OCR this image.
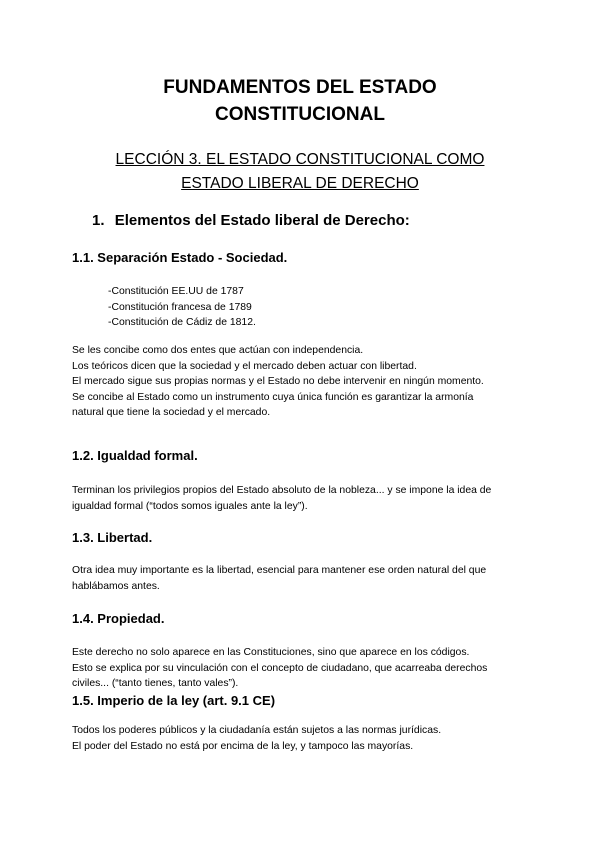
FUNDAMENTOS DEL ESTADO
CONSTITUCIONAL
LECCIÓN 3. EL ESTADO CONSTITUCIONAL COMO
ESTADO LIBERAL DE DERECHO
1. Elementos del Estado liberal de Derecho:
1.1. Separación Estado - Sociedad.
-Constitución EE.UU de 1787
-Constitución francesa de 1789
-Constitución de Cádiz de 1812.
Se les concibe como dos entes que actúan con independencia.
Los teóricos dicen que la sociedad y el mercado deben actuar con libertad.
El mercado sigue sus propias normas y el Estado no debe intervenir en ningún momento.
Se concibe al Estado como un instrumento cuya única función es garantizar la armonía
natural que tiene la sociedad y el mercado.
1.2. Igualdad formal.
Terminan los privilegios propios del Estado absoluto de la nobleza... y se impone la idea de
igualdad formal (“todos somos iguales ante la ley”).
1.3. Libertad.
Otra idea muy importante es la libertad, esencial para mantener ese orden natural del que
hablábamos antes.
1.4. Propiedad.
Este derecho no solo aparece en las Constituciones, sino que aparece en los códigos.
Esto se explica por su vinculación con el concepto de ciudadano, que acarreaba derechos
civiles... (“tanto tienes, tanto vales”).
1.5. Imperio de la ley (art. 9.1 CE)
Todos los poderes públicos y la ciudadanía están sujetos a las normas jurídicas.
El poder del Estado no está por encima de la ley, y tampoco las mayorías.
